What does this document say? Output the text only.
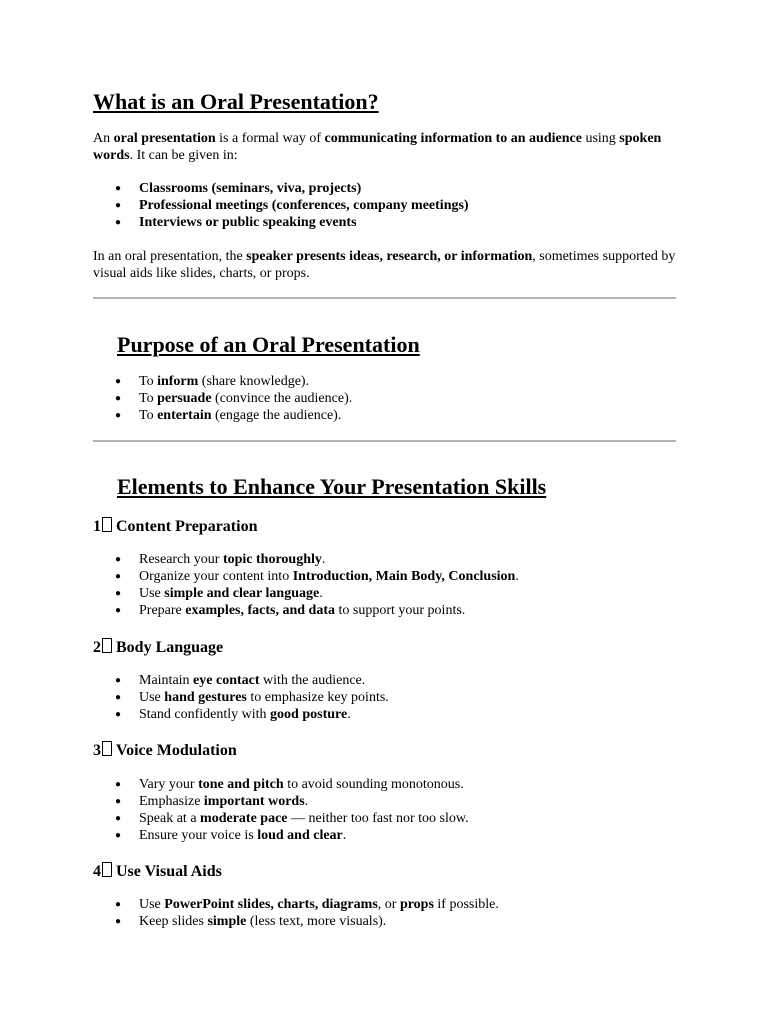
What is an Oral Presentation?

An oral presentation is a formal way of communicating information to an audience using spoken words. It can be given in:

● Classrooms (seminars, viva, projects)
● Professional meetings (conferences, company meetings)
● Interviews or public speaking events

In an oral presentation, the speaker presents ideas, research, or information, sometimes supported by visual aids like slides, charts, or props.

Purpose of an Oral Presentation
● To inform (share knowledge).
● To persuade (convince the audience).
● To entertain (engage the audience).
Elements to Enhance Your Presentation Skills
1 Content Preparation
● Research your topic thoroughly.
● Organize your content into Introduction, Main Body, Conclusion.
● Use simple and clear language.
● Prepare examples, facts, and data to support your points.
2 Body Language
● Maintain eye contact with the audience.
● Use hand gestures to emphasize key points.
● Stand confidently with good posture.
3 Voice Modulation
● Vary your tone and pitch to avoid sounding monotonous.
● Emphasize important words.
● Speak at a moderate pace — neither too fast nor too slow.
● Ensure your voice is loud and clear.
4 Use Visual Aids
● Use PowerPoint slides, charts, diagrams, or props if possible.
● Keep slides simple (less text, more visuals).
